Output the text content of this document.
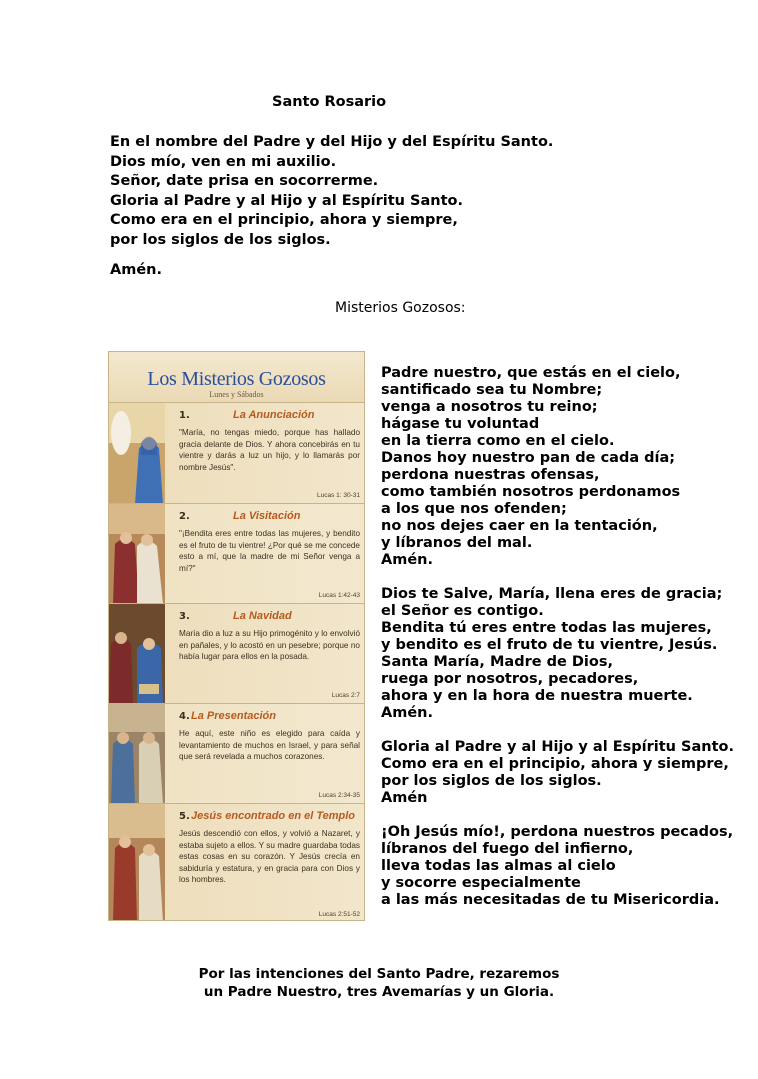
Santo Rosario
En el nombre del Padre y del Hijo y del Espíritu Santo.
Dios mío, ven en mi auxilio.
Señor, date prisa en socorrerme.
Gloria al Padre y al Hijo y al Espíritu Santo.
Como era en el principio, ahora y siempre,
por los siglos de los siglos.
Amén.
Misterios Gozosos:
Los Misterios Gozosos
Lunes y Sábados
1.	La Anunciación
"María, no tengas miedo, porque has hallado gracia delante de Dios. Y ahora concebirás en tu vientre y darás a luz un hijo, y lo llamarás por nombre Jesús".
Lucas 1: 30-31
2.	La Visitación
"¡Bendita eres entre todas las mujeres, y bendito es el fruto de tu vientre! ¿Por qué se me concede esto a mí, que la madre de mi Señor venga a mí?"
Lucas 1:42-43
3.	La Navidad
María dio a luz a su Hijo primogénito y lo envolvió en pañales, y lo acostó en un pesebre; porque no había lugar para ellos en la posada.
Lucas 2:7
4. La Presentación
He aquí, este niño es elegido para caída y levantamiento de muchos en Israel, y para señal que será revelada a muchos corazones.
Lucas 2:34-35
5. Jesús encontrado en el Templo
Jesús descendió con ellos, y volvió a Nazaret, y estaba sujeto a ellos. Y su madre guardaba todas estas cosas en su corazón. Y Jesús crecía en sabiduría y estatura, y en gracia para con Dios y los hombres.
Lucas 2:51-52
Padre nuestro, que estás en el cielo,
santificado sea tu Nombre;
venga a nosotros tu reino;
hágase tu voluntad
en la tierra como en el cielo.
Danos hoy nuestro pan de cada día;
perdona nuestras ofensas,
como también nosotros perdonamos
a los que nos ofenden;
no nos dejes caer en la tentación,
y líbranos del mal.
Amén.
Dios te Salve, María, llena eres de gracia;
el Señor es contigo.
Bendita tú eres entre todas las mujeres,
y bendito es el fruto de tu vientre, Jesús.
Santa María, Madre de Dios,
ruega por nosotros, pecadores,
ahora y en la hora de nuestra muerte.
Amén.
Gloria al Padre y al Hijo y al Espíritu Santo.
Como era en el principio, ahora y siempre,
por los siglos de los siglos.
Amén
¡Oh Jesús mío!, perdona nuestros pecados,
líbranos del fuego del infierno,
lleva todas las almas al cielo
y socorre especialmente
a las más necesitadas de tu Misericordia.
Por las intenciones del Santo Padre, rezaremos
un Padre Nuestro, tres Avemarías y un Gloria.
